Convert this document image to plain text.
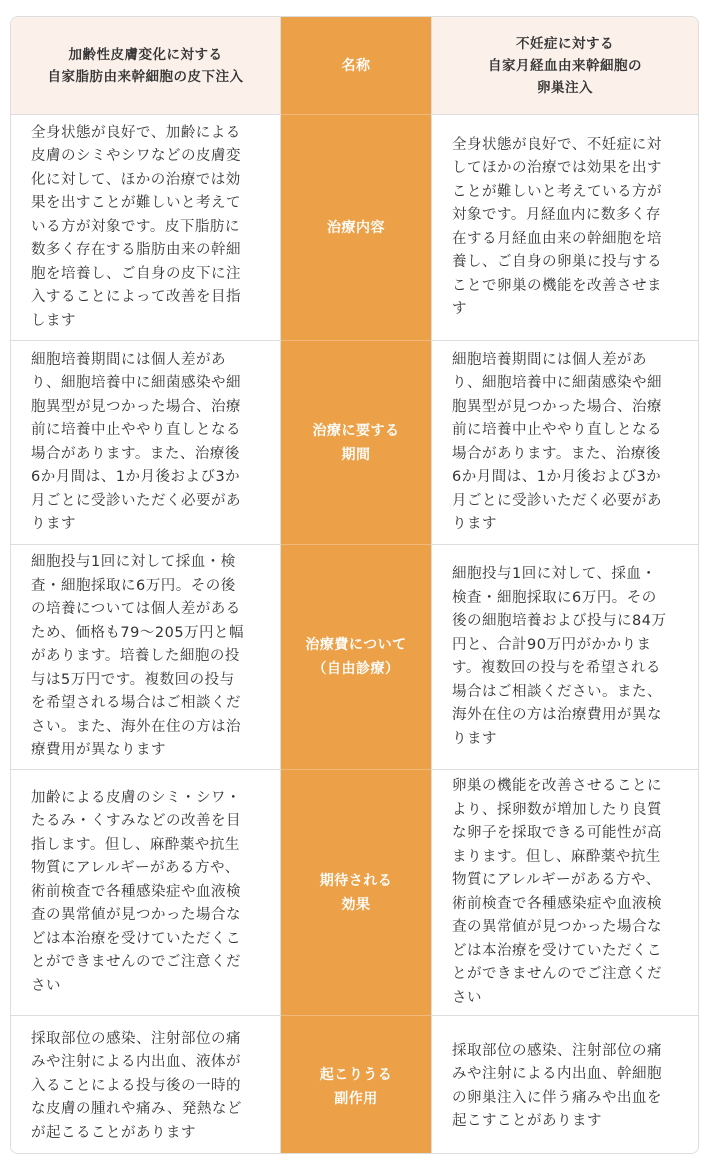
加齢性皮膚変化に対する
自家脂肪由来幹細胞の皮下注入
名称
不妊症に対する
自家月経血由来幹細胞の
卵巣注入
全身状態が良好で、加齢による
皮膚のシミやシワなどの皮膚変
化に対して、ほかの治療では効
果を出すことが難しいと考えて
いる方が対象です。皮下脂肪に
数多く存在する脂肪由来の幹細
胞を培養し、ご自身の皮下に注
入することによって改善を目指
します
治療内容
全身状態が良好で、不妊症に対
してほかの治療では効果を出す
ことが難しいと考えている方が
対象です。月経血内に数多く存
在する月経血由来の幹細胞を培
養し、ご自身の卵巣に投与する
ことで卵巣の機能を改善させま
す
細胞培養期間には個人差があ
り、細胞培養中に細菌感染や細
胞異型が見つかった場合、治療
前に培養中止ややり直しとなる
場合があります。また、治療後
6か月間は、1か月後および3か
月ごとに受診いただく必要があ
ります
治療に要する
期間
細胞培養期間には個人差があ
り、細胞培養中に細菌感染や細
胞異型が見つかった場合、治療
前に培養中止ややり直しとなる
場合があります。また、治療後
6か月間は、1か月後および3か
月ごとに受診いただく必要があ
ります
細胞投与1回に対して採血・検
査・細胞採取に6万円。その後
の培養については個人差がある
ため、価格も79〜205万円と幅
があります。培養した細胞の投
与は5万円です。複数回の投与
を希望される場合はご相談くだ
さい。また、海外在住の方は治
療費用が異なります
治療費について
（自由診療）
細胞投与1回に対して、採血・
検査・細胞採取に6万円。その
後の細胞培養および投与に84万
円と、合計90万円がかかりま
す。複数回の投与を希望される
場合はご相談ください。また、
海外在住の方は治療費用が異な
ります
加齢による皮膚のシミ・シワ・
たるみ・くすみなどの改善を目
指します。但し、麻酔薬や抗生
物質にアレルギーがある方や、
術前検査で各種感染症や血液検
査の異常値が見つかった場合な
どは本治療を受けていただくこ
とができませんのでご注意くだ
さい
期待される
効果
卵巣の機能を改善させることに
より、採卵数が増加したり良質
な卵子を採取できる可能性が高
まります。但し、麻酔薬や抗生
物質にアレルギーがある方や、
術前検査で各種感染症や血液検
査の異常値が見つかった場合な
どは本治療を受けていただくこ
とができませんのでご注意くだ
さい
採取部位の感染、注射部位の痛
みや注射による内出血、液体が
入ることによる投与後の一時的
な皮膚の腫れや痛み、発熱など
が起こることがあります
起こりうる
副作用
採取部位の感染、注射部位の痛
みや注射による内出血、幹細胞
の卵巣注入に伴う痛みや出血を
起こすことがあります
